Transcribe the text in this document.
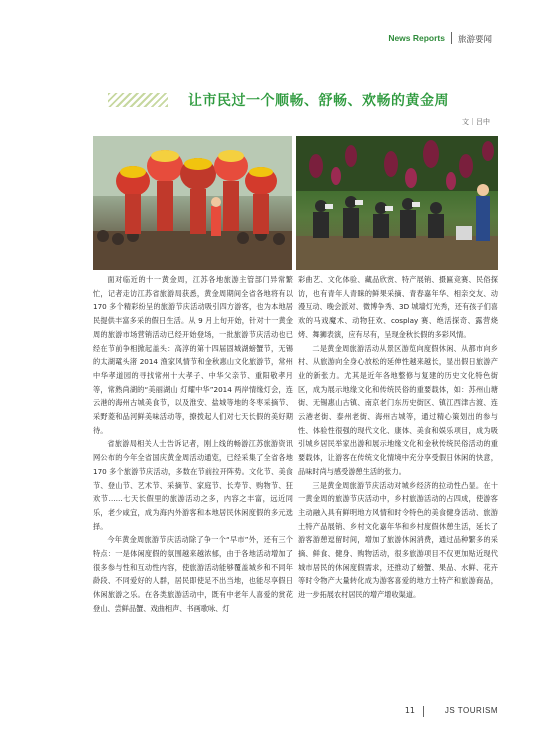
News Reports 旅游要闻
让市民过一个顺畅、舒畅、欢畅的黄金周
文｜吕中

面对临近的十一黄金周，江苏各地旅游主管部门异常繁忙，记者走访江苏省旅游局获悉，黄金周期间全省各地将有以 170 多个精彩纷呈的旅游节庆活动吸引四方游客，也为本地居民提供丰富多采的假日生活。从 9 月上旬开始，针对十一黄金周的旅游市场营销活动已经开始登场，一批旅游节庆活动也已经在节前争相掀起盖头：高淳的第十四届固城湖螃蟹节，无锡的太湖鼋头渚 2014 渔家风情节和金秋惠山文化旅游节，常州中华孝道园的寻找常州十大孝子、中华父亲节、重阳敬孝月等，常熟尚湖的“美丽湖山 灯耀中华”2014 两岸情缘灯会，连云港的海州古城美食节，以及淮安、盐城等地的冬枣采摘节、采野菱和品河鲜美味活动等，撩拨起人们对七天长假的美好期待。

省旅游局相关人士告诉记者，刚上线的畅游江苏旅游资讯网公布的今年全省国庆黄金周活动通览，已经采集了全省各地 170 多个旅游节庆活动，多数在节前拉开阵势。文化节、美食节、登山节、艺术节、采摘节、家庭节、长寿节、购物节、狂欢节……七天长假里的旅游活动之多，内容之丰富，远近同乐，老少咸宜，成为海内外游客和本地居民休闲度假的多元选择。

今年黄金周旅游节庆活动除了争一个“早市”外，还有三个特点：一是体闲度假的氛围越来越浓郁，由于各地活动增加了很多参与性和互动性内容，使旅游活动能够覆盖城乡和不同年龄段、不同爱好的人群，居民即使足不出当地，也能尽享假日休闲旅游之乐。在各类旅游活动中，既有中老年人喜爱的赏花登山、尝鲜品蟹、戏曲相声、书画歌咏、灯

彩曲艺、文化体验、藏品欣赏、特产展销、摄匾竞赛、民俗探访，也有青年人青睐的鲜果采摘、青春嘉年华、相亲交友、动漫互动、晚会派对、微博争秀、3D 城墙灯光秀，还有孩子们喜欢的马戏魔术、动物狂欢、cosplay 赛、绝活探奇、露营烧烤、舞狮表演，应有尽有，呈现金秋长假的多彩风情。

二是黄金周旅游活动从景区游览向度假休闲、从都市向乡村、从旅游向全身心放松的延伸性越来越长，显出假日旅游产业的新张力。尤其是近年各地整修与复建的历史文化特色街区，成为展示地缘文化和传统民俗的重要载体，如：苏州山塘街、无锡惠山古镇、南京老门东历史街区、镇江西津古渡、连云港老街、泰州老街、海州古城等，通过精心策划出的参与性、体验性很强的现代文化、康体、美食和娱乐项目，成为吸引城乡居民举家出游和展示地缘文化和金秋传统民俗活动的重要载体，让游客在传统文化情境中充分享受假日休闲的快意，品味时尚与感受游憩生活的张力。

三是黄金周旅游节庆活动对城乡经济的拉动性凸显。在十一黄金周的旅游节庆活动中，乡村旅游活动的占四成，使游客主动融入具有鲜明地方风情和时令特色的美食健身活动、旅游土特产品展销、乡村文化嘉年华和乡村度假休憩生活，延长了游客游憩逗留时间，增加了旅游休闲消费，通过品种繁多的采摘、鲜食、健身、购物活动，很多旅游项目不仅更加贴近现代城市居民的休闲度假需求，还推动了螃蟹、果品、水鲜、花卉等时令物产大量转化成为游客喜爱的地方土特产和旅游商品，进一步拓展农村居民的增产增收渠道。

11	JS TOURISM
